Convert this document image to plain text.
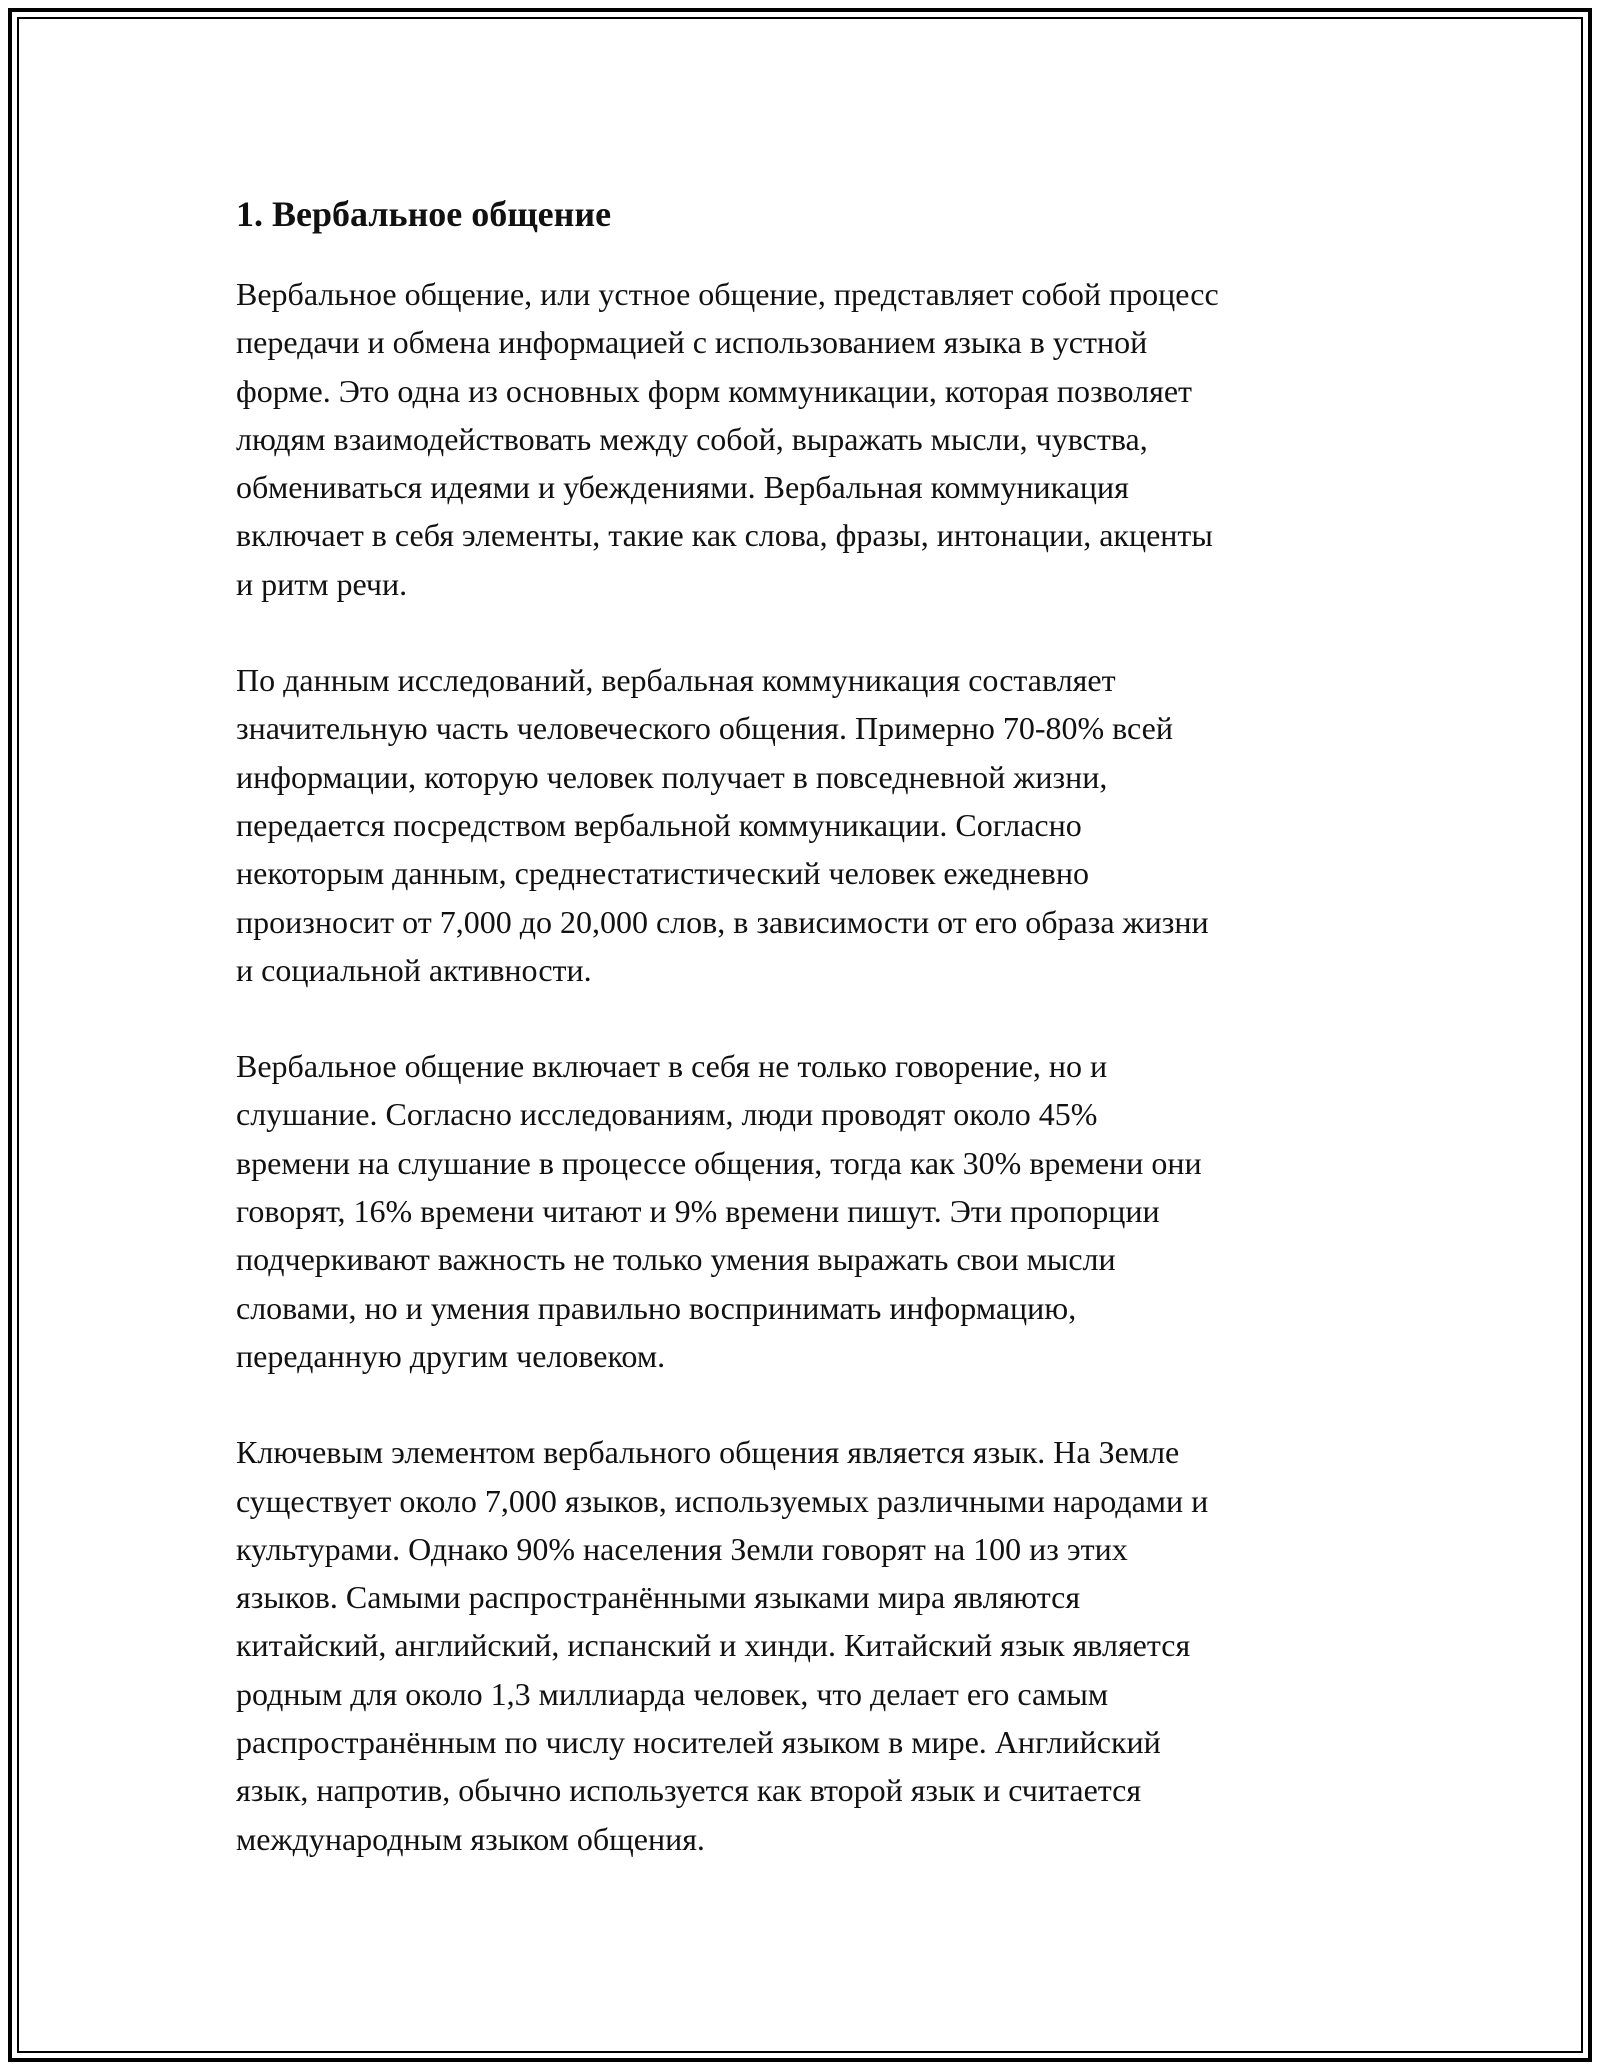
1. Вербальное общение

Вербальное общение, или устное общение, представляет собой процесс
передачи и обмена информацией с использованием языка в устной
форме. Это одна из основных форм коммуникации, которая позволяет
людям взаимодействовать между собой, выражать мысли, чувства,
обмениваться идеями и убеждениями. Вербальная коммуникация
включает в себя элементы, такие как слова, фразы, интонации, акценты
и ритм речи.

По данным исследований, вербальная коммуникация составляет
значительную часть человеческого общения. Примерно 70-80% всей
информации, которую человек получает в повседневной жизни,
передается посредством вербальной коммуникации. Согласно
некоторым данным, среднестатистический человек ежедневно
произносит от 7,000 до 20,000 слов, в зависимости от его образа жизни
и социальной активности.

Вербальное общение включает в себя не только говорение, но и
слушание. Согласно исследованиям, люди проводят около 45%
времени на слушание в процессе общения, тогда как 30% времени они
говорят, 16% времени читают и 9% времени пишут. Эти пропорции
подчеркивают важность не только умения выражать свои мысли
словами, но и умения правильно воспринимать информацию,
переданную другим человеком.

Ключевым элементом вербального общения является язык. На Земле
существует около 7,000 языков, используемых различными народами и
культурами. Однако 90% населения Земли говорят на 100 из этих
языков. Самыми распространёнными языками мира являются
китайский, английский, испанский и хинди. Китайский язык является
родным для около 1,3 миллиарда человек, что делает его самым
распространённым по числу носителей языком в мире. Английский
язык, напротив, обычно используется как второй язык и считается
международным языком общения.
